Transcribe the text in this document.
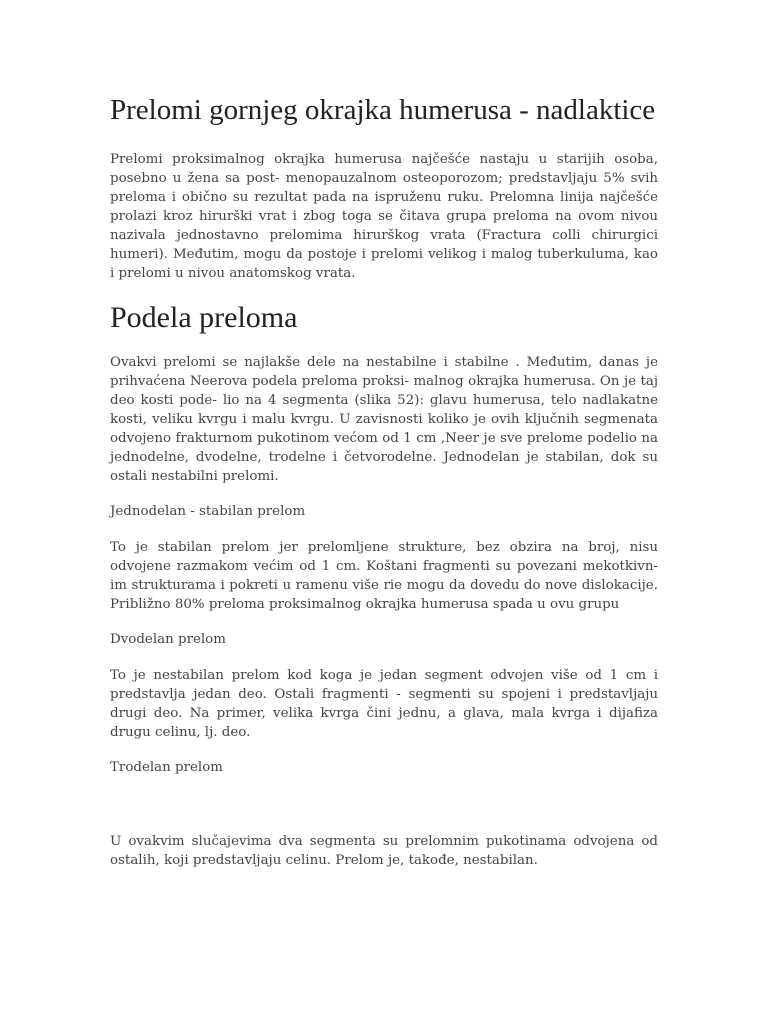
Prelomi gornjeg okrajka humerusa - nadlaktice

Prelomi proksimalnog okrajka humerusa najčešće nastaju u starijih osoba, posebno u žena sa post- menopauzalnom osteoporozom; predstavljaju 5% svih preloma i obično su rezultat pada na ispruženu ruku. Prelomna linija najčešće prolazi kroz hirurški vrat i zbog toga se čitava grupa preloma na ovom nivou nazivala jednostavno prelomima hirurškog vrata (Fractura colli chirurgici humeri). Međutim, mogu da postoje i prelomi velikog i malog tuberkuluma, kao i prelomi u nivou anatomskog vrata.

Podela preloma

Ovakvi prelomi se najlakše dele na nestabilne i stabilne . Međutim, danas je prihvaćena Neerova podela preloma proksi- malnog okrajka humerusa. On je taj deo kosti pode- lio na 4 segmenta (slika 52): glavu humerusa, telo nadlakatne kosti, veliku kvrgu i malu kvrgu. U zavisnosti koliko je ovih ključnih segmenata odvojeno frakturnom pukotinom većom od 1 cm ,Neer je sve prelome podelio na jednodelne, dvodelne, trodelne i četvorodelne. Jednodelan je stabilan, dok su ostali nestabilni prelomi.

Jednodelan - stabilan prelom

To je stabilan prelom jer prelomljene strukture, bez obzira na broj, nisu odvojene razmakom većim od 1 cm. Koštani fragmenti su povezani mekotkivn- im strukturama i pokreti u ramenu više rie mogu da dovedu do nove dislokacije. Približno 80% preloma proksimalnog okrajka humerusa spada u ovu grupu

Dvodelan prelom

To je nestabilan prelom kod koga je jedan segment odvojen više od 1 cm i predstavlja jedan deo. Ostali fragmenti - segmenti su spojeni i predstavljaju drugi deo. Na primer, velika kvrga čini jednu, a glava, mala kvrga i dijafiza drugu celinu, lj. deo.

Trodelan prelom

U ovakvim slučajevima dva segmenta su prelomnim pukotinama odvojena od ostalih, koji predstavljaju celinu. Prelom je, takođe, nestabilan.
